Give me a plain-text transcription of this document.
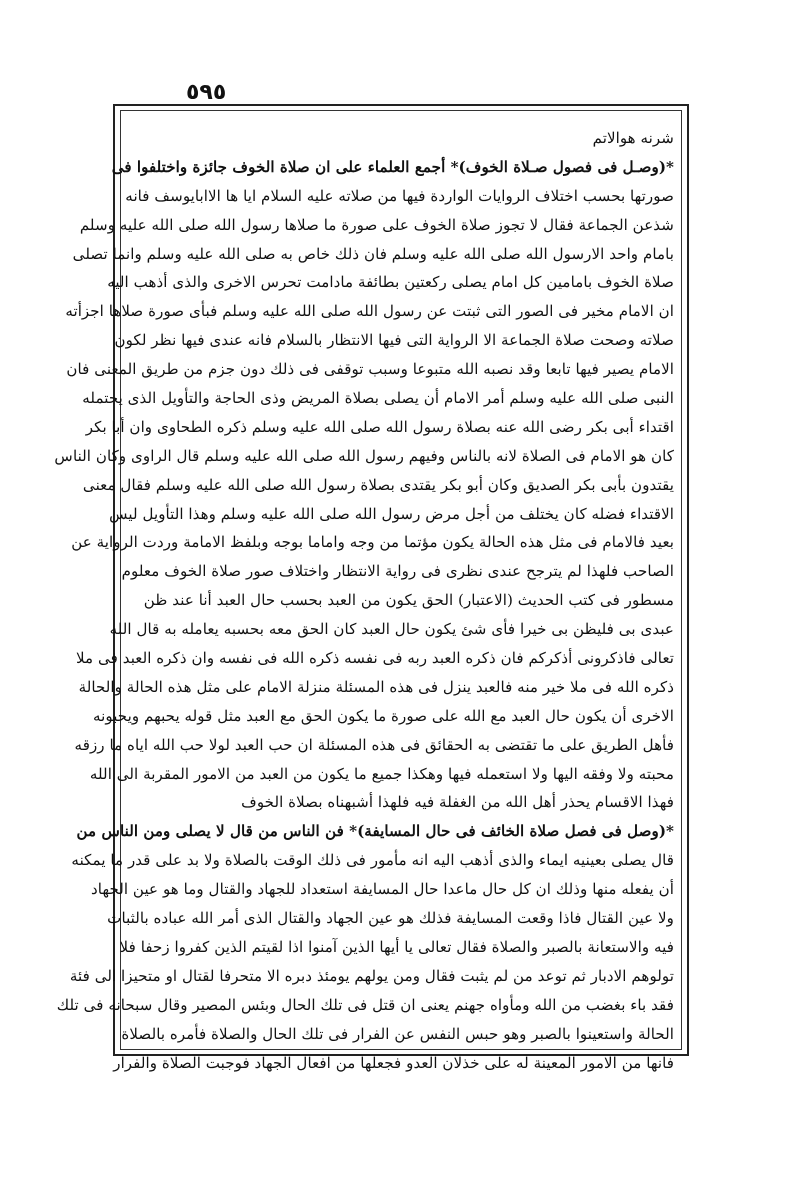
٥٩٥
شرنه هوالاتم
*(وصـل فى فصول صـلاة الخوف)* أجمع العلماء على ان صلاة الخوف جائزة واختلفوا فى
صورتها بحسب اختلاف الروايات الواردة فيها من صلاته عليه السلام ايا ها الاابايوسف فانه
شذعن الجماعة فقال لا تجوز صلاة الخوف على صورة ما صلاها رسول الله صلى الله عليه وسلم
بامام واحد الارسول الله صلى الله عليه وسلم فان ذلك خاص به صلى الله عليه وسلم وانما تصلى
صلاة الخوف بامامين كل امام يصلى ركعتين بطائفة مادامت تحرس الاخرى والذى أذهب اليه
ان الامام مخير فى الصور التى ثبتت عن رسول الله صلى الله عليه وسلم فبأى صورة صلاها اجزأته
صلاته وصحت صلاة الجماعة الا الرواية التى فيها الانتظار بالسلام فانه عندى فيها نظر لكون
الامام يصير فيها تابعا وقد نصبه الله متبوعا وسبب توقفى فى ذلك دون جزم من طريق المعنى فان
النبى صلى الله عليه وسلم أمر الامام أن يصلى بصلاة المريض وذى الحاجة والتأويل الذى يحتمله
اقتداء أبى بكر رضى الله عنه بصلاة رسول الله صلى الله عليه وسلم ذكره الطحاوى وان أبا بكر
كان هو الامام فى الصلاة لانه بالناس وفيهم رسول الله صلى الله عليه وسلم قال الراوى وكان الناس
يقتدون بأبى بكر الصديق وكان أبو بكر يقتدى بصلاة رسول الله صلى الله عليه وسلم فقال معنى
الاقتداء فضله كان يختلف من أجل مرض رسول الله صلى الله عليه وسلم وهذا التأويل ليس
بعيد فالامام فى مثل هذه الحالة يكون مؤتما من وجه واماما بوجه وبلفظ الامامة وردت الرواية عن
الصاحب فلهذا لم يترجح عندى نظرى فى رواية الانتظار واختلاف صور صلاة الخوف معلوم
مسطور فى كتب الحديث (الاعتبار) الحق يكون من العبد بحسب حال العبد أنا عند ظن
عبدى بى فليظن بى خيرا فأى شئ يكون حال العبد كان الحق معه بحسبه يعامله به قال الله
تعالى فاذكرونى أذكركم فان ذكره العبد ربه فى نفسه ذكره الله فى نفسه وان ذكره العبد فى ملا
ذكره الله فى ملا خير منه فالعبد ينزل فى هذه المسئلة منزلة الامام على مثل هذه الحالة والحالة
الاخرى أن يكون حال العبد مع الله على صورة ما يكون الحق مع العبد مثل قوله يحبهم ويحبونه
فأهل الطريق على ما تقتضى به الحقائق فى هذه المسئلة ان حب العبد لولا حب الله اياه ما رزقه
محبته ولا وفقه اليها ولا استعمله فيها وهكذا جميع ما يكون من العبد من الامور المقربة الى الله
فهذا الاقسام يحذر أهل الله من الغفلة فيه فلهذا أشبهناه بصلاة الخوف
*(وصل فى فصل صلاة الخائف فى حال المسايفة)* فن الناس من قال لا يصلى ومن الناس من
قال يصلى بعينيه ايماء والذى أذهب اليه انه مأمور فى ذلك الوقت بالصلاة ولا بد على قدر ما يمكنه
أن يفعله منها وذلك ان كل حال ماعدا حال المسايفة استعداد للجهاد والقتال وما هو عين الجهاد
ولا عين القتال فاذا وقعت المسايفة فذلك هو عين الجهاد والقتال الذى أمر الله عباده بالثبات
فيه والاستعانة بالصبر والصلاة فقال تعالى يا أيها الذين آمنوا اذا لقيتم الذين كفروا زحفا فلا
تولوهم الادبار ثم توعد من لم يثبت فقال ومن يولهم يومئذ دبره الا متحرفا لقتال او متحيزا الى فئة
فقد باء بغضب من الله ومأواه جهنم يعنى ان قتل فى تلك الحال وبئس المصير وقال سبحانه فى تلك
الحالة واستعينوا بالصبر وهو حبس النفس عن الفرار فى تلك الحال والصلاة فأمره بالصلاة
فانها من الامور المعينة له على خذلان العدو فجعلها من افعال الجهاد فوجبت الصلاة والفرار
